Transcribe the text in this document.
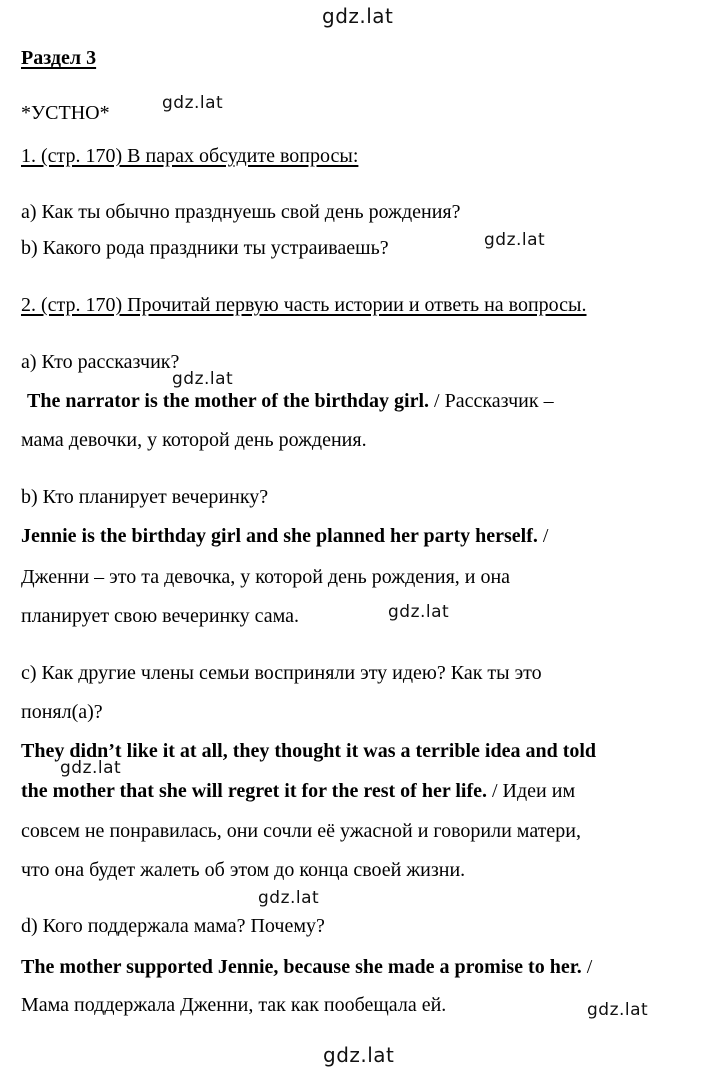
gdz.lat
gdz.lat
gdz.lat
gdz.lat
gdz.lat
gdz.lat
gdz.lat
gdz.lat
gdz.lat
Раздел 3
*УСТНО*
1. (стр. 170) В парах обсудите вопросы:
a) Как ты обычно празднуешь свой день рождения?
b) Какого рода праздники ты устраиваешь?
2. (стр. 170) Прочитай первую часть истории и ответь на вопросы.
a) Кто рассказчик?
The narrator is the mother of the birthday girl. / Рассказчик –
мама девочки, у которой день рождения.
b) Кто планирует вечеринку?
Jennie is the birthday girl and she planned her party herself. /
Дженни – это та девочка, у которой день рождения, и она
планирует свою вечеринку сама.
c) Как другие члены семьи восприняли эту идею? Как ты это
понял(а)?
They didn’t like it at all, they thought it was a terrible idea and told
the mother that she will regret it for the rest of her life. / Идеи им
совсем не понравилась, они сочли её ужасной и говорили матери,
что она будет жалеть об этом до конца своей жизни.
d) Кого поддержала мама? Почему?
The mother supported Jennie, because she made a promise to her. /
Мама поддержала Дженни, так как пообещала ей.
